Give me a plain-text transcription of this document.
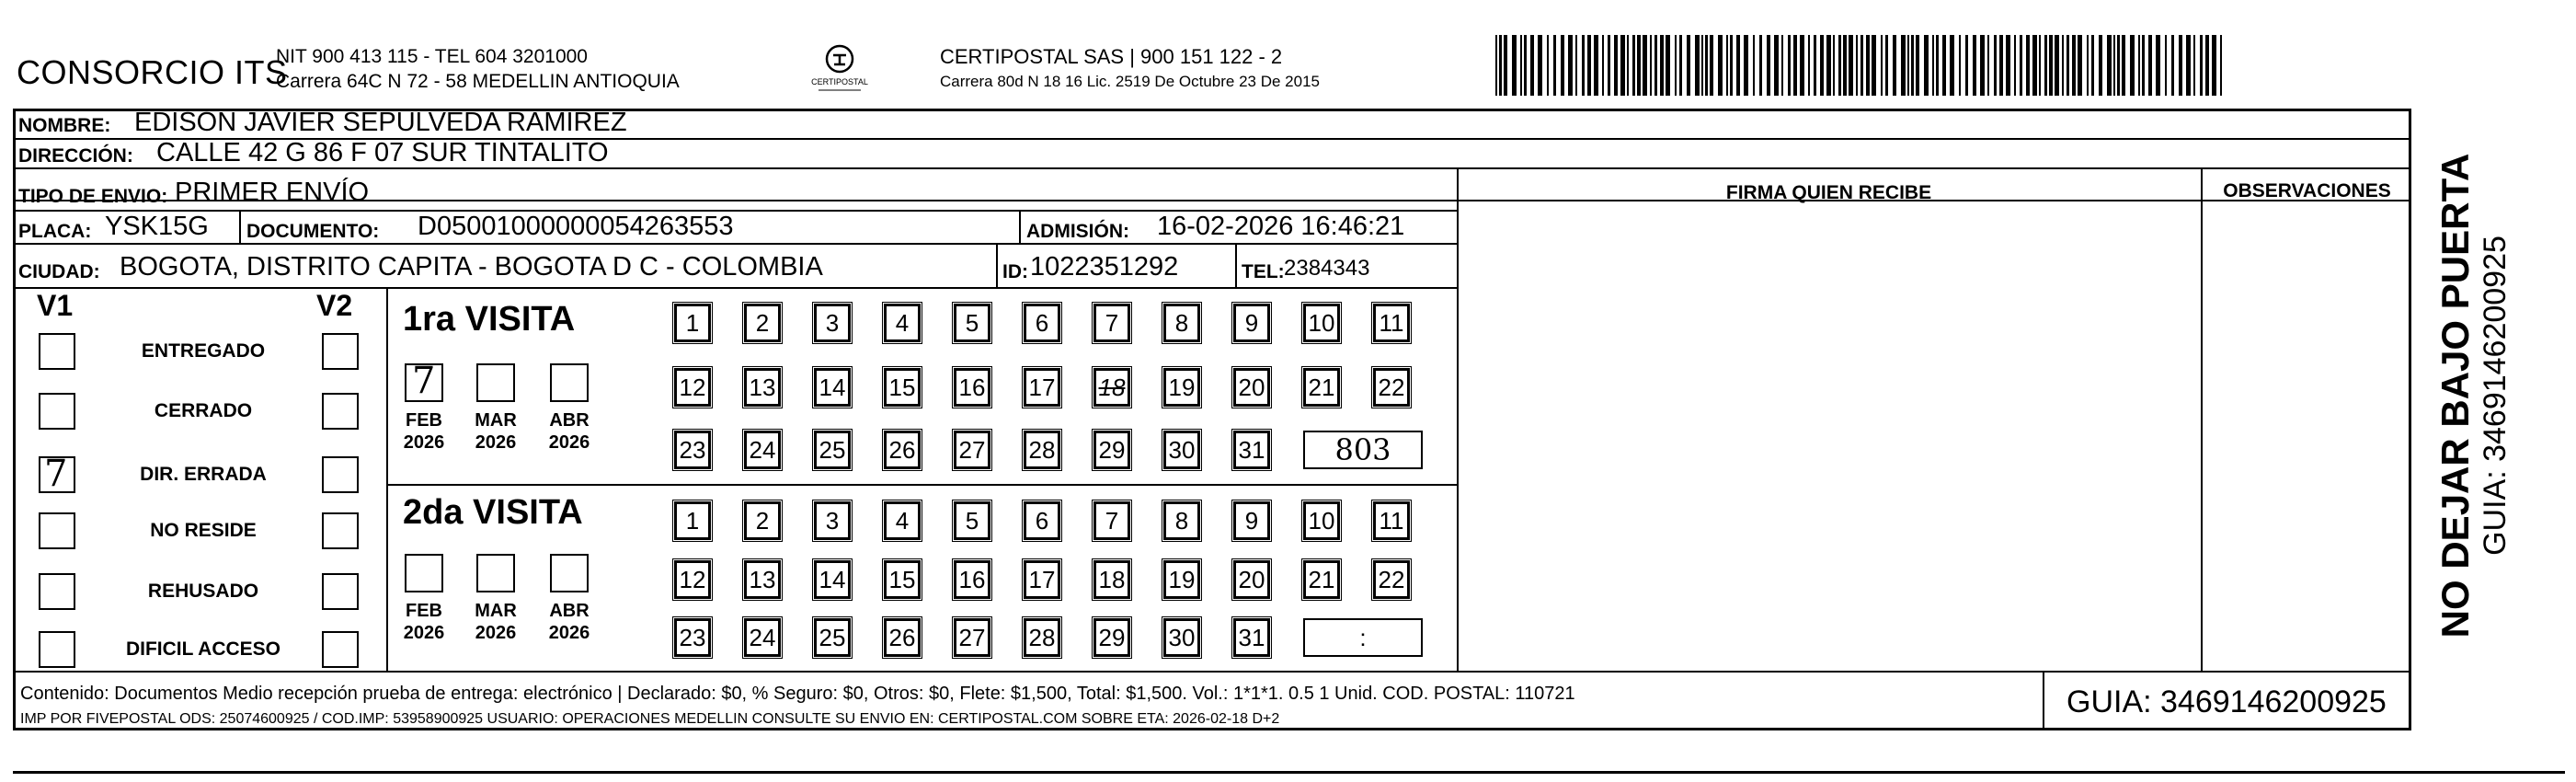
CONSORCIO ITS
NIT 900 413 115 - TEL 604 3201000
Carrera 64C N 72 - 58 MEDELLIN ANTIOQUIA	CERTIPOSTAL
CERTIPOSTAL SAS | 900 151 122 - 2
Carrera 80d N 18 16 Lic. 2519 De Octubre 23 De 2015
FIRMA QUIEN RECIBE	OBSERVACIONES
NOMBRE: EDISON JAVIER SEPULVEDA RAMIREZ
DIRECCIÓN: CALLE 42 G 86 F 07 SUR TINTALITO
TIPO DE ENVIO: PRIMER ENVÍO
PLACA: YSK15G DOCUMENTO: D05001000000054263553	ADMISIÓN: 16-02-2026 16:46:21
CIUDAD: BOGOTA, DISTRITO CAPITA - BOGOTA D C - COLOMBIA	ID: 1022351292	TEL: 2384343
V1	V2
ENTREGADO
CERRADO
7	DIR. ERRADA
NO RESIDE
REHUSADO
DIFICIL ACCESO
1ra VISITA
7
FEB
2026
MAR
2026
ABR
2026
1	2	3	4	5	6	7	8	9	10 11
12 13 14 15 16 17 18 19 20 21 22
23 24 25 26 27 28 29 30 31	803
2da VISITA
FEB
2026
MAR
2026
ABR
2026
1	2	3	4	5	6	7	8	9	10 11
12 13 14 15 16 17 18 19 20 21 22
23 24 25 26 27 28 29 30 31	:
Contenido: Documentos Medio recepción prueba de entrega: electrónico | Declarado: $0, % Seguro: $0, Otros: $0, Flete: $1,500, Total: $1,500. Vol.: 1*1*1. 0.5 1 Unid. COD. POSTAL: 110721
IMP POR FIVEPOSTAL ODS: 25074600925 / COD.IMP: 53958900925 USUARIO: OPERACIONES MEDELLIN CONSULTE SU ENVIO EN: CERTIPOSTAL.COM SOBRE ETA: 2026-02-18 D+2	GUIA: 3469146200925
NO DEJAR BAJO PUERTA GUIA: 3469146200925
